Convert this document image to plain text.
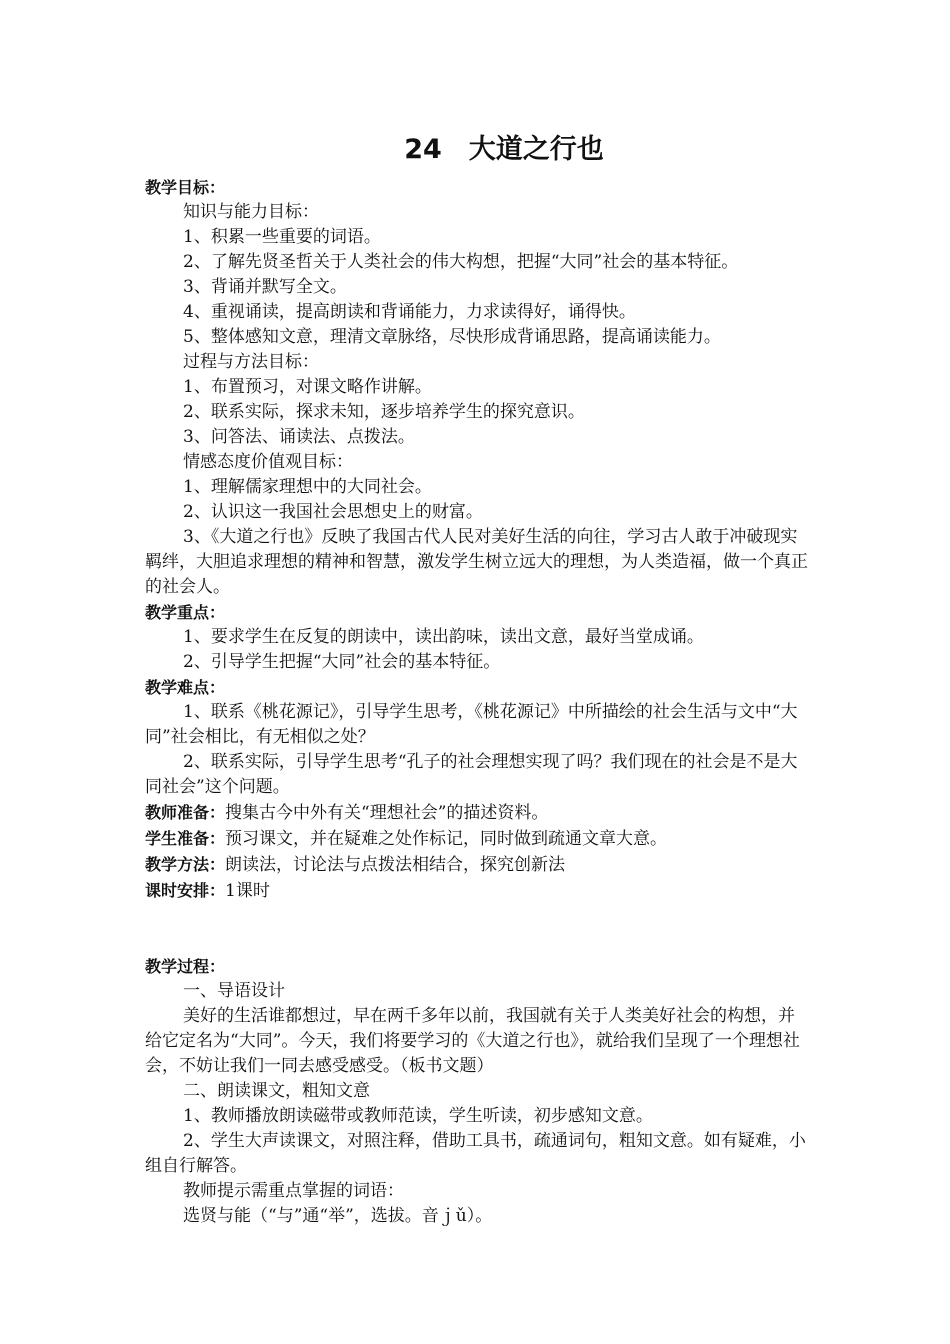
24　大道之行也

教学目标：

知识与能力目标：

1、积累一些重要的词语。

2、了解先贤圣哲关于人类社会的伟大构想，把握“大同”社会的基本特征。

3、背诵并默写全文。

4、重视诵读，提高朗读和背诵能力，力求读得好，诵得快。

5、整体感知文意，理清文章脉络，尽快形成背诵思路，提高诵读能力。

过程与方法目标：

1、布置预习，对课文略作讲解。

2、联系实际，探求未知，逐步培养学生的探究意识。

3、问答法、诵读法、点拨法。

情感态度价值观目标：

1、理解儒家理想中的大同社会。

2、认识这一我国社会思想史上的财富。

3、《大道之行也》反映了我国古代人民对美好生活的向往，学习古人敢于冲破现实羁绊，大胆追求理想的精神和智慧，激发学生树立远大的理想，为人类造福，做一个真正的社会人。

教学重点：

1、要求学生在反复的朗读中，读出韵味，读出文意，最好当堂成诵。

2、引导学生把握“大同”社会的基本特征。

教学难点：

1、联系《桃花源记》，引导学生思考，《桃花源记》中所描绘的社会生活与文中“大同”社会相比，有无相似之处？

2、联系实际，引导学生思考“孔子的社会理想实现了吗？我们现在的社会是不是大同社会”这个问题。

教师准备：搜集古今中外有关“理想社会”的描述资料。

学生准备：预习课文，并在疑难之处作标记，同时做到疏通文章大意。

教学方法：朗读法，讨论法与点拨法相结合，探究创新法

课时安排：1课时

教学过程：

一、导语设计

美好的生活谁都想过，早在两千多年以前，我国就有关于人类美好社会的构想，并给它定名为“大同”。今天，我们将要学习的《大道之行也》，就给我们呈现了一个理想社会，不妨让我们一同去感受感受。（板书文题）

二、朗读课文，粗知文意

1、教师播放朗读磁带或教师范读，学生听读，初步感知文意。

2、学生大声读课文，对照注释，借助工具书，疏通词句，粗知文意。如有疑难，小组自行解答。

教师提示需重点掌握的词语：

选贤与能（“与”通“举”，选拔。音ｊǔ）。
